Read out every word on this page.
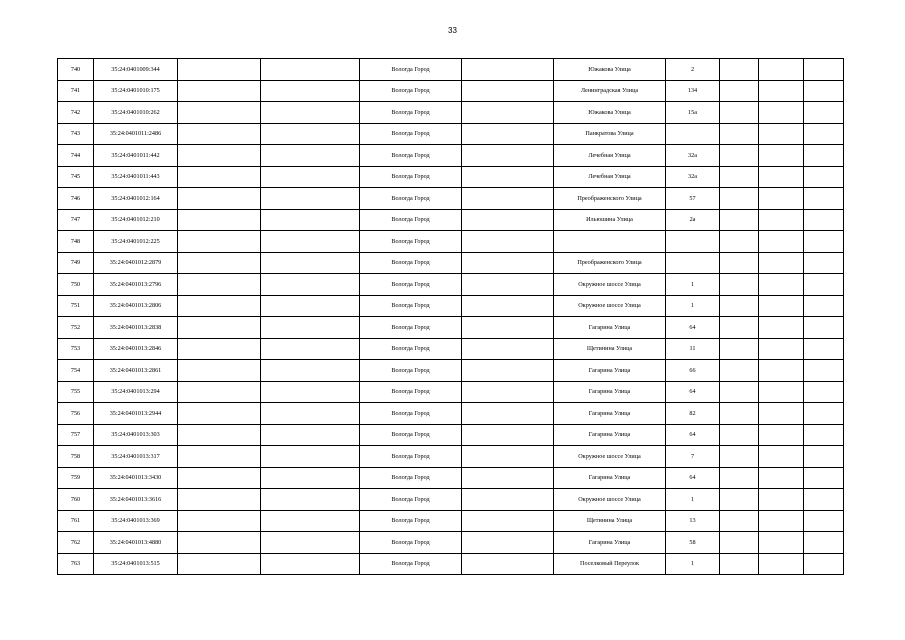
33
740	35:24:0401009:344			Вологда Город		Южакова Улица	2			
741	35:24:0401010:175			Вологда Город		Ленинградская Улица	134			
742	35:24:0401010:262			Вологда Город		Южакова Улица	15а			
743	35:24:0401011:2486			Вологда Город		Панкратова Улица				
744	35:24:0401011:442			Вологда Город		Лечебная Улица	32а			
745	35:24:0401011:443			Вологда Город		Лечебная Улица	32а			
746	35:24:0401012:164			Вологда Город		Преображенского Улица	57			
747	35:24:0401012:210			Вологда Город		Ильюшина Улица	2а			
748	35:24:0401012:225			Вологда Город						
749	35:24:0401012:2879			Вологда Город		Преображенского Улица				
750	35:24:0401013:2796			Вологда Город		Окружное шоссе Улица	1			
751	35:24:0401013:2806			Вологда Город		Окружное шоссе Улица	1			
752	35:24:0401013:2838			Вологда Город		Гагарина Улица	64			
753	35:24:0401013:2846			Вологда Город		Щетинина Улица	11			
754	35:24:0401013:2861			Вологда Город		Гагарина Улица	66			
755	35:24:0401013:294			Вологда Город		Гагарина Улица	64			
756	35:24:0401013:2944			Вологда Город		Гагарина Улица	82			
757	35:24:0401013:303			Вологда Город		Гагарина Улица	64			
758	35:24:0401013:317			Вологда Город		Окружное шоссе Улица	7			
759	35:24:0401013:3430			Вологда Город		Гагарина Улица	64			
760	35:24:0401013:3616			Вологда Город		Окружное шоссе Улица	1			
761	35:24:0401013:369			Вологда Город		Щетинина Улица	13			
762	35:24:0401013:4880			Вологда Город		Гагарина Улица	58			
763	35:24:0401013:515			Вологда Город		Поселковый Переулок	1			
